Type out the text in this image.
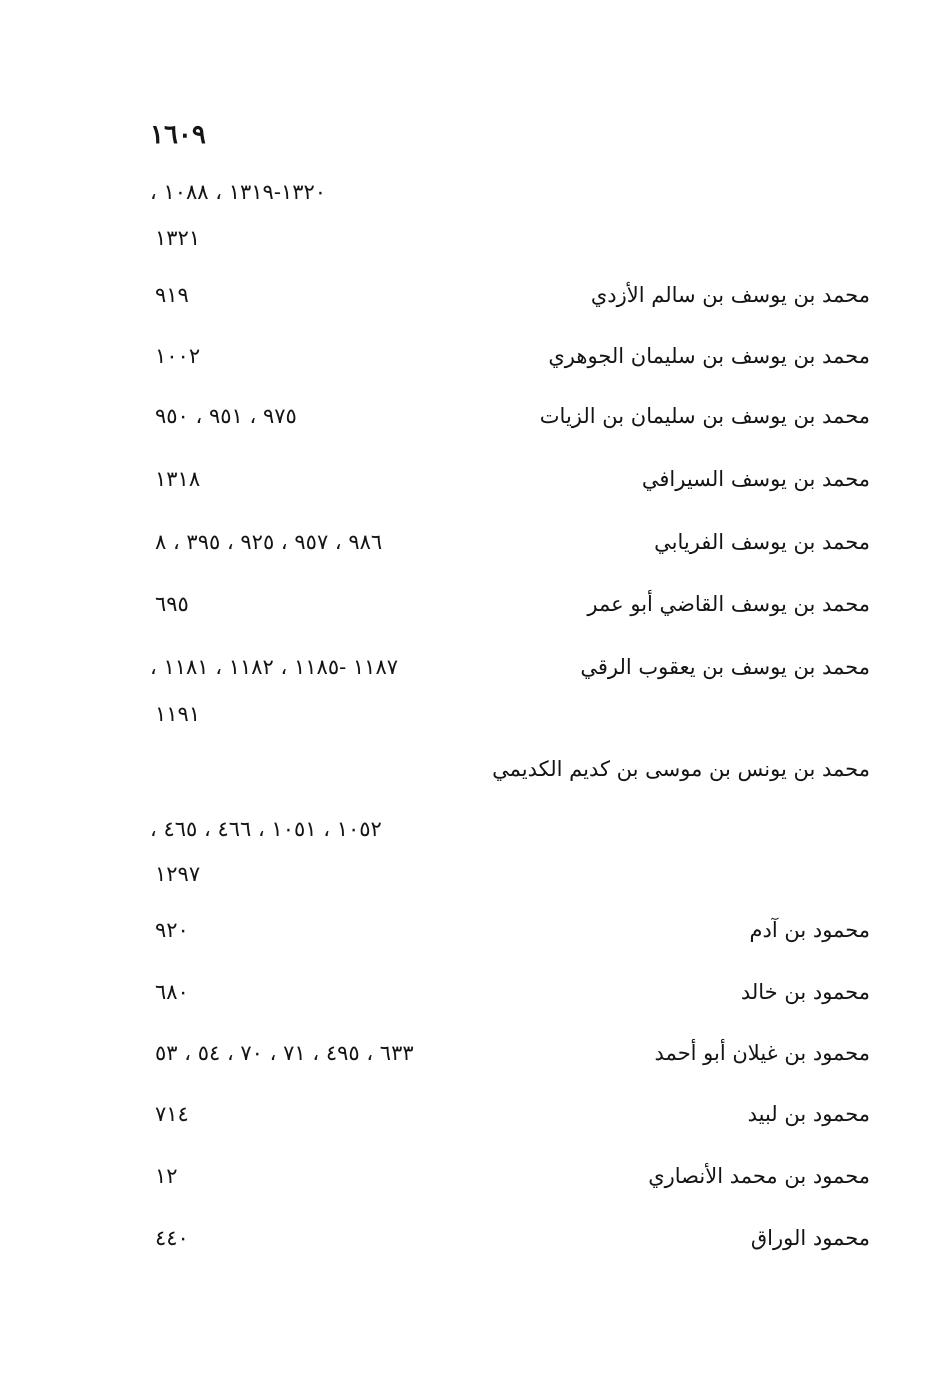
١٦٠٩
، ١٣٢٠-١٣١٩ ، ١٠٨٨
١٣٢١
محمد بن يوسف بن سالم الأزدي
٩١٩
محمد بن يوسف بن سليمان الجوهري
١٠٠٢
محمد بن يوسف بن سليمان بن الزيات
٩٧٥ ، ٩٥١ ، ٩٥٠
محمد بن يوسف السيرافي
١٣١٨
محمد بن يوسف الفريابي
٩٨٦ ، ٩٥٧ ، ٩٢٥ ، ٣٩٥ ، ٨
محمد بن يوسف القاضي أبو عمر
٦٩٥
محمد بن يوسف بن يعقوب الرقي
، ١١٨٧ -١١٨٥ ، ١١٨٢ ، ١١٨١
١١٩١
محمد بن يونس بن موسى بن كديم الكديمي
، ١٠٥٢ ، ١٠٥١ ، ٤٦٦ ، ٤٦٥
١٢٩٧
محمود بن آدم
٩٢٠
محمود بن خالد
٦٨٠
محمود بن غيلان أبو أحمد
٦٣٣ ، ٤٩٥ ، ٧١ ، ٧٠ ، ٥٤ ، ٥٣
محمود بن لبيد
٧١٤
محمود بن محمد الأنصاري
١٢
محمود الوراق
٤٤٠
